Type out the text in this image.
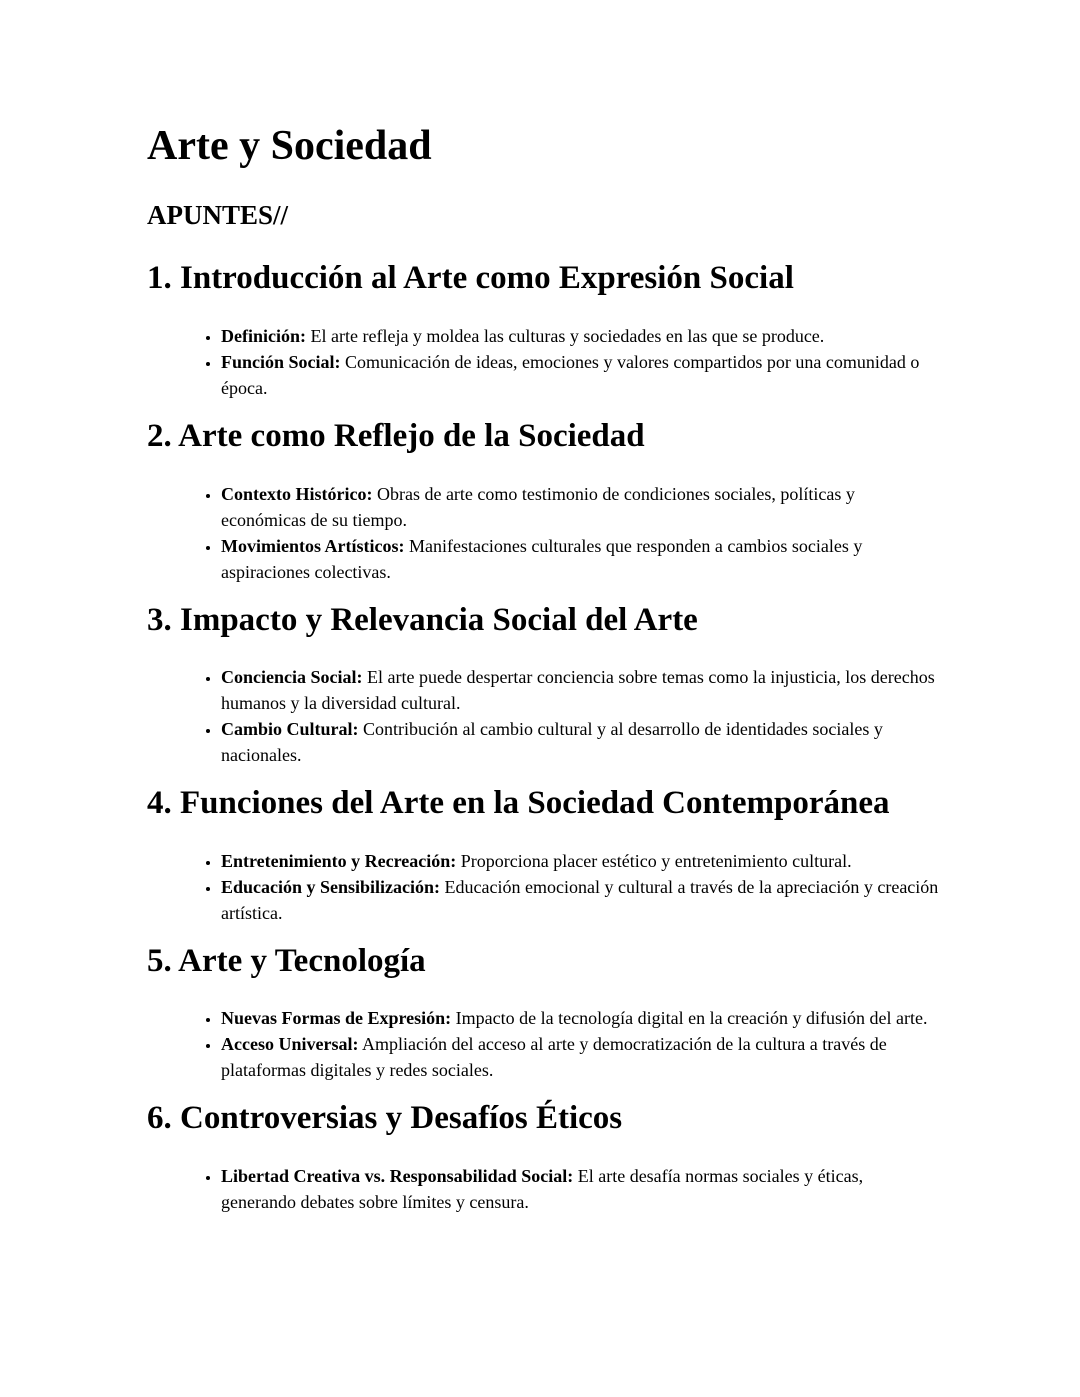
Arte y Sociedad
APUNTES//
1. Introducción al Arte como Expresión Social
• Definición: El arte refleja y moldea las culturas y sociedades en las que se produce.
• Función Social: Comunicación de ideas, emociones y valores compartidos por una comunidad o época.
2. Arte como Reflejo de la Sociedad
• Contexto Histórico: Obras de arte como testimonio de condiciones sociales, políticas y económicas de su tiempo.
• Movimientos Artísticos: Manifestaciones culturales que responden a cambios sociales y aspiraciones colectivas.
3. Impacto y Relevancia Social del Arte
• Conciencia Social: El arte puede despertar conciencia sobre temas como la injusticia, los derechos humanos y la diversidad cultural.
• Cambio Cultural: Contribución al cambio cultural y al desarrollo de identidades sociales y nacionales.
4. Funciones del Arte en la Sociedad Contemporánea
• Entretenimiento y Recreación: Proporciona placer estético y entretenimiento cultural.
• Educación y Sensibilización: Educación emocional y cultural a través de la apreciación y creación artística.
5. Arte y Tecnología
• Nuevas Formas de Expresión: Impacto de la tecnología digital en la creación y difusión del arte.
• Acceso Universal: Ampliación del acceso al arte y democratización de la cultura a través de plataformas digitales y redes sociales.
6. Controversias y Desafíos Éticos
• Libertad Creativa vs. Responsabilidad Social: El arte desafía normas sociales y éticas, generando debates sobre límites y censura.
